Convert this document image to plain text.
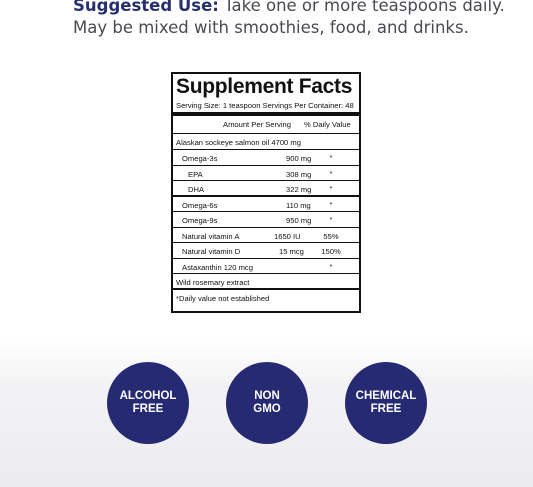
Suggested Use: Take one or more teaspoons daily.
May be mixed with smoothies, food, and drinks.
Supplement Facts
Serving Size: 1 teaspoon Servings Per Container: 48
Amount Per Serving % Daily Value
Alaskan sockeye salmon oil 4700 mg
Omega-3s	900 mg	*
EPA	308 mg	*
DHA	322 mg	*
Omega-6s	110 mg	*
Omega-9s	950 mg	*
Natural vitamin A	1650 IU	55%
Natural vitamin D	15 mcg 150%
Astaxanthin 120 mcg	*
Wild rosemary extract
*Daily value not established
ALCOHOL
FREE
NON
GMO
CHEMICAL
FREE
